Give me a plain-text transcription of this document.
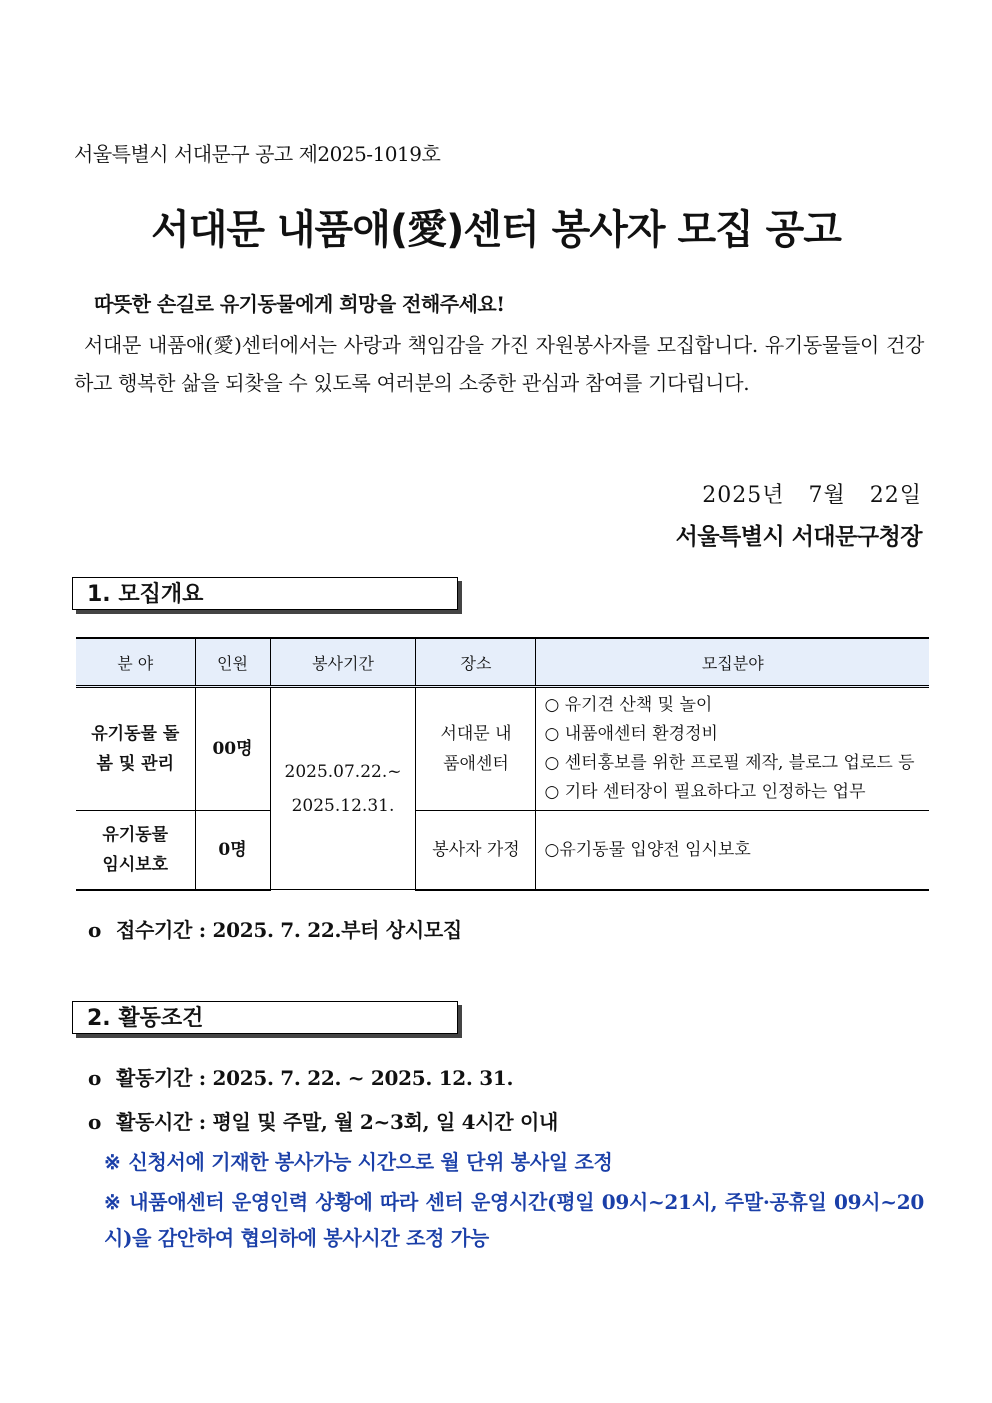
서울특별시 서대문구 공고 제2025-1019호
서대문 내품애(愛)센터 봉사자 모집 공고
따뜻한 손길로 유기동물에게 희망을 전해주세요!
서대문 내품애(愛)센터에서는 사랑과 책임감을 가진 자원봉사자를 모집합니다. 유기동물들이 건강하고 행복한 삶을 되찾을 수 있도록 여러분의 소중한 관심과 참여를 기다립니다.
2025년   7월   22일
서울특별시 서대문구청장
1. 모집개요
분 야	인원	봉사기간	장소	모집분야
유기동물 돌봄 및 관리	00명	2025.07.22.~ 2025.12.31.	서대문 내품애센터	○ 유기견 산책 및 놀이
○ 내품애센터 환경정비
○ 센터홍보를 위한 프로필 제작, 블로그 업로드 등
○ 기타 센터장이 필요하다고 인정하는 업무

유기동물 임시보호	0명		봉사자 가정	○유기동물 입양전 임시보호
o 접수기간 : 2025. 7. 22.부터 상시모집
2. 활동조건
o 활동기간 : 2025. 7. 22. ~ 2025. 12. 31.
o 활동시간 : 평일 및 주말, 월 2~3회, 일 4시간 이내
※ 신청서에 기재한 봉사가능 시간으로 월 단위 봉사일 조정
※ 내품애센터 운영인력 상황에 따라 센터 운영시간(평일 09시~21시, 주말·공휴일 09시~20시)을 감안하여 협의하에 봉사시간 조정 가능
